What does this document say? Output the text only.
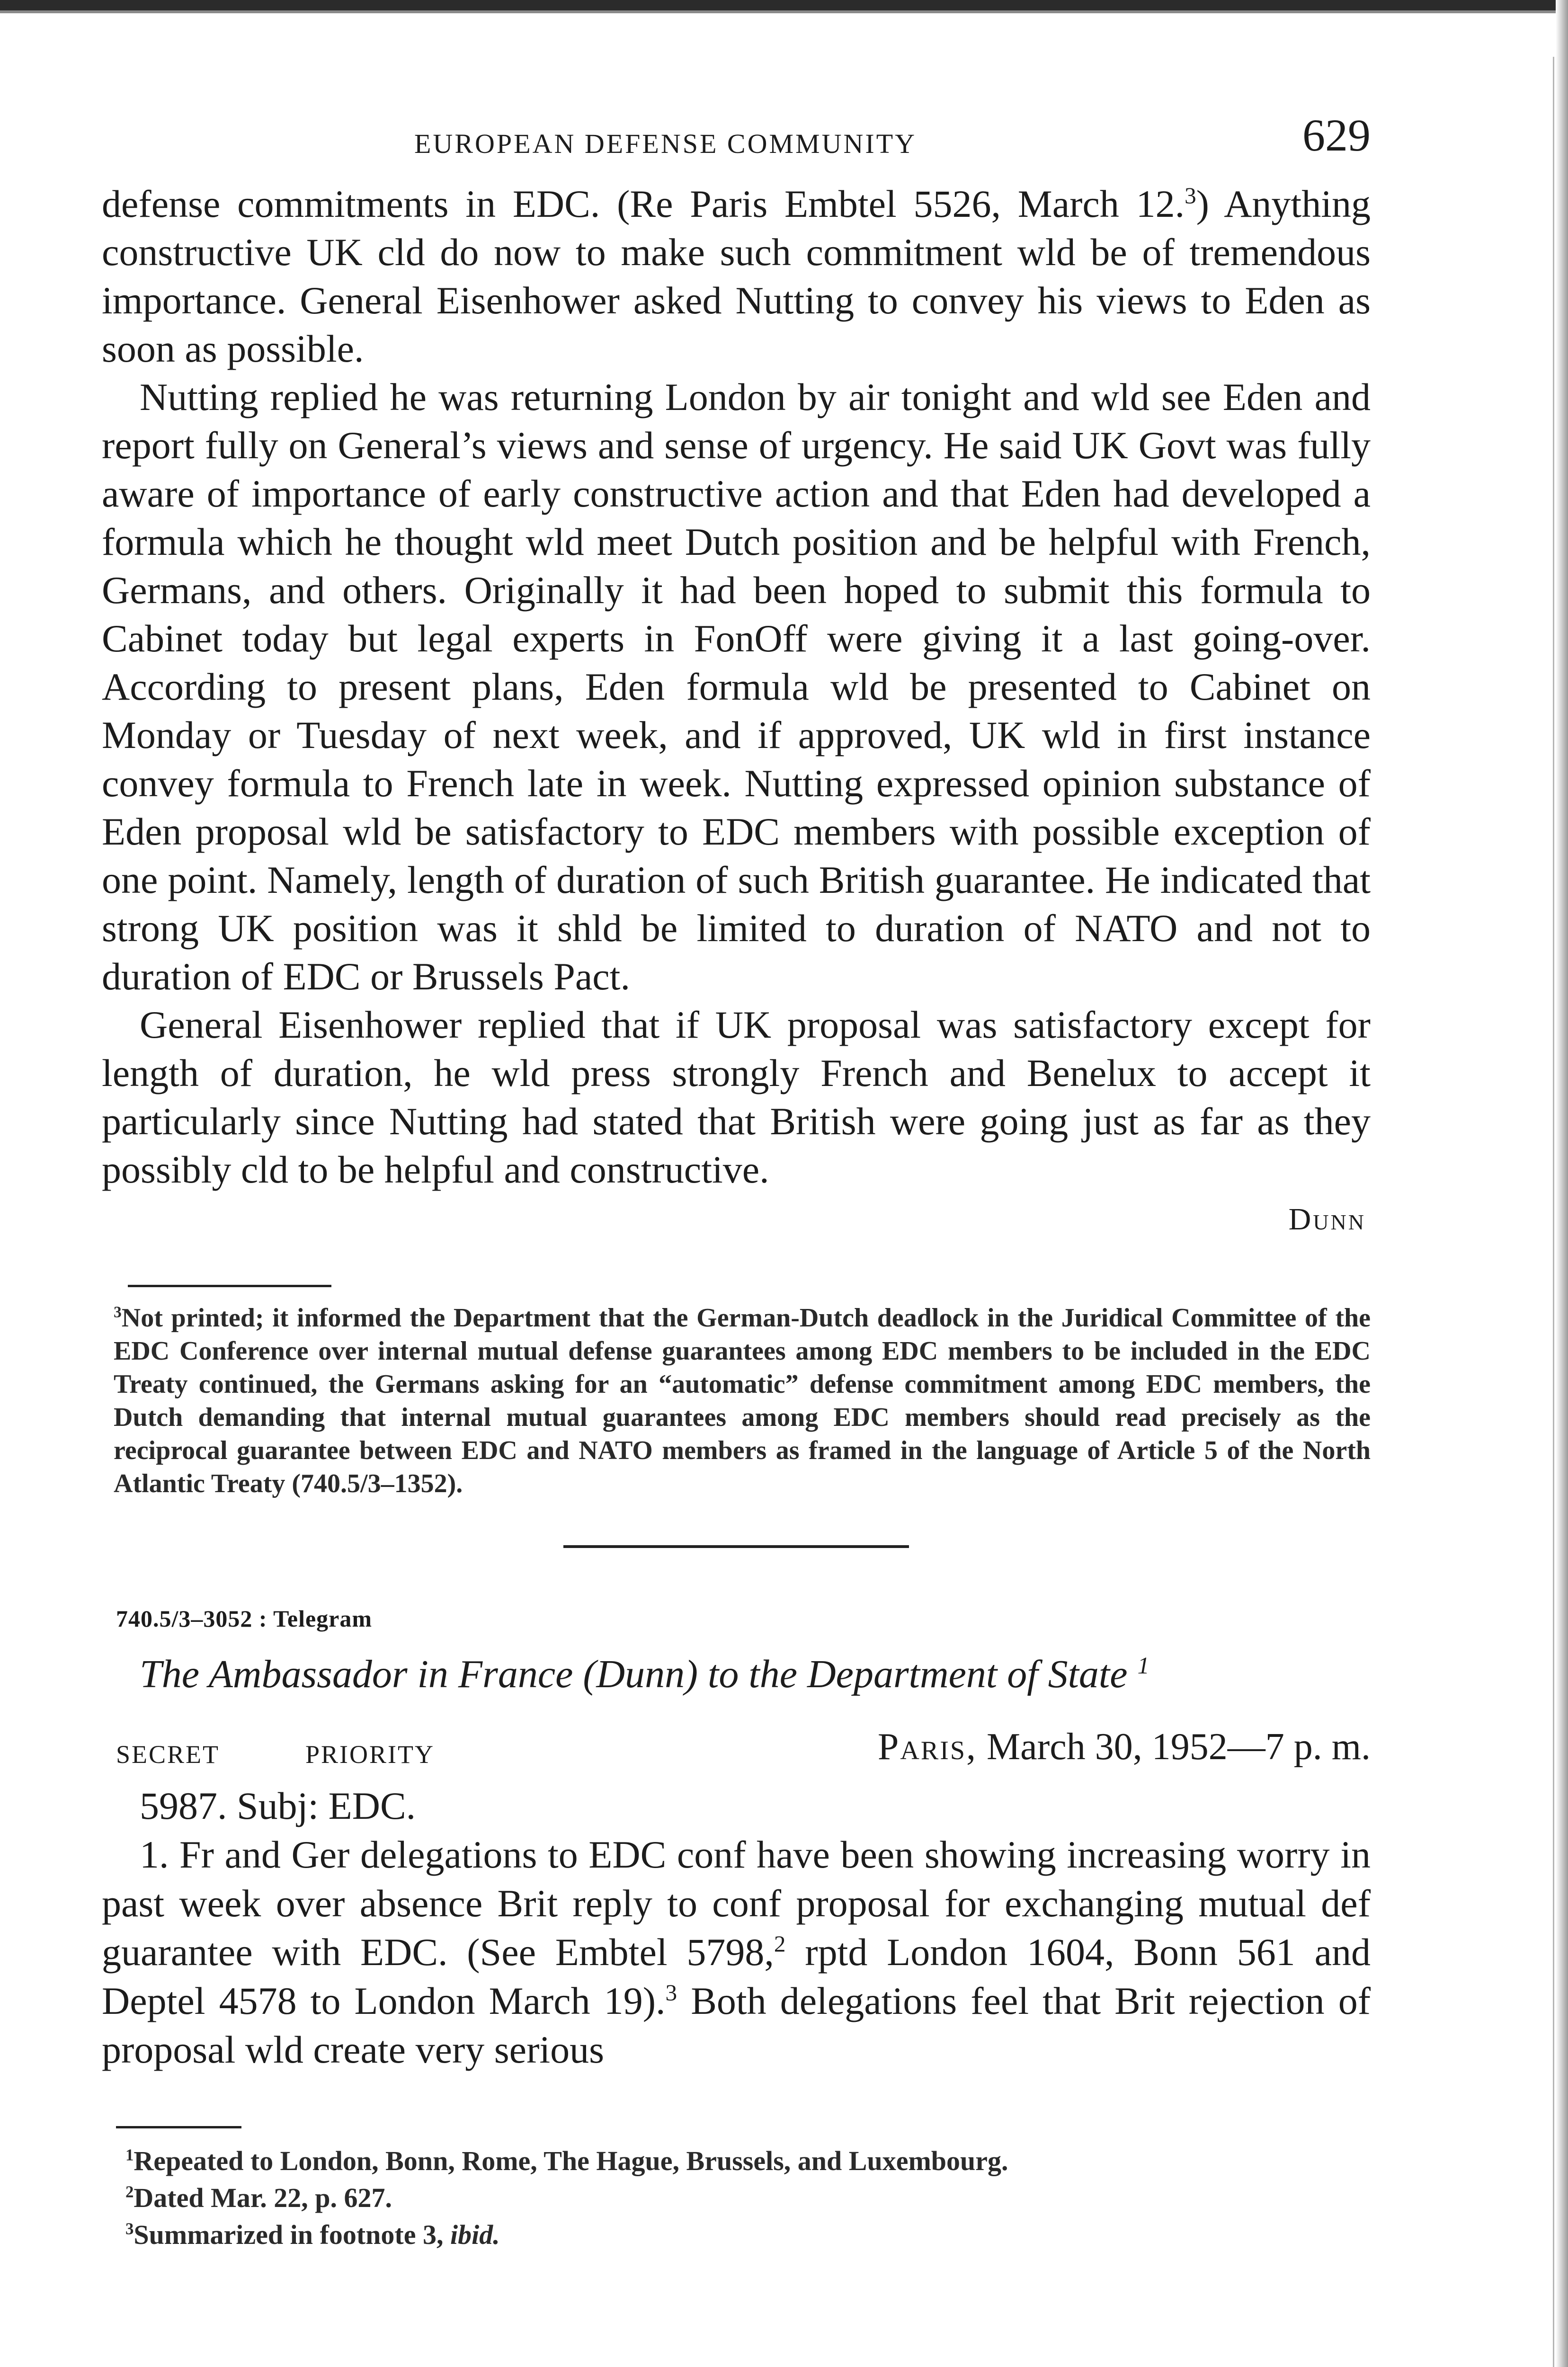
EUROPEAN DEFENSE COMMUNITY	629

defense commitments in EDC. (Re Paris Embtel 5526, March 12.$^3$) Anything constructive UK cld do now to make such commitment wld be of tremendous importance. General Eisenhower asked Nutting to convey his views to Eden as soon as possible.

Nutting replied he was returning London by air tonight and wld see Eden and report fully on General’s views and sense of urgency. He said UK Govt was fully aware of importance of early constructive action and that Eden had developed a formula which he thought wld meet Dutch position and be helpful with French, Germans, and others. Originally it had been hoped to submit this formula to Cabinet today but legal experts in FonOff were giving it a last going-over. According to present plans, Eden formula wld be presented to Cabinet on Monday or Tuesday of next week, and if approved, UK wld in first instance convey formula to French late in week. Nutting expressed opinion substance of Eden proposal wld be satisfactory to EDC members with possible exception of one point. Namely, length of duration of such British guarantee. He indicated that strong UK position was it shld be limited to duration of NATO and not to duration of EDC or Brussels Pact.

General Eisenhower replied that if UK proposal was satisfactory except for length of duration, he wld press strongly French and Benelux to accept it particularly since Nutting had stated that British were going just as far as they possibly cld to be helpful and constructive.

Dunn
$^3$Not printed; it informed the Department that the German-Dutch deadlock in the Juridical Committee of the EDC Conference over internal mutual defense guarantees among EDC members to be included in the EDC Treaty continued, the Germans asking for an “automatic” defense commitment among EDC members, the Dutch demanding that internal mutual guarantees among EDC members should read precisely as the reciprocal guarantee between EDC and NATO members as framed in the language of Article 5 of the North Atlantic Treaty (740.5/3–1352).
740.5/3–3052 : Telegram
The Ambassador in France (Dunn) to the Department of State $^1$
SECRET	PRIORITY	Paris, March 30, 1952—7 p. m.

5987. Subj: EDC.

1. Fr and Ger delegations to EDC conf have been showing increasing worry in past week over absence Brit reply to conf proposal for exchanging mutual def guarantee with EDC. (See Embtel 5798,$^2$ rptd London 1604, Bonn 561 and Deptel 4578 to London March 19).$^3$ Both delegations feel that Brit rejection of proposal wld create very serious

$^1$Repeated to London, Bonn, Rome, The Hague, Brussels, and Luxembourg.
$^2$Dated Mar. 22, p. 627.
$^3$Summarized in footnote 3, ibid.
